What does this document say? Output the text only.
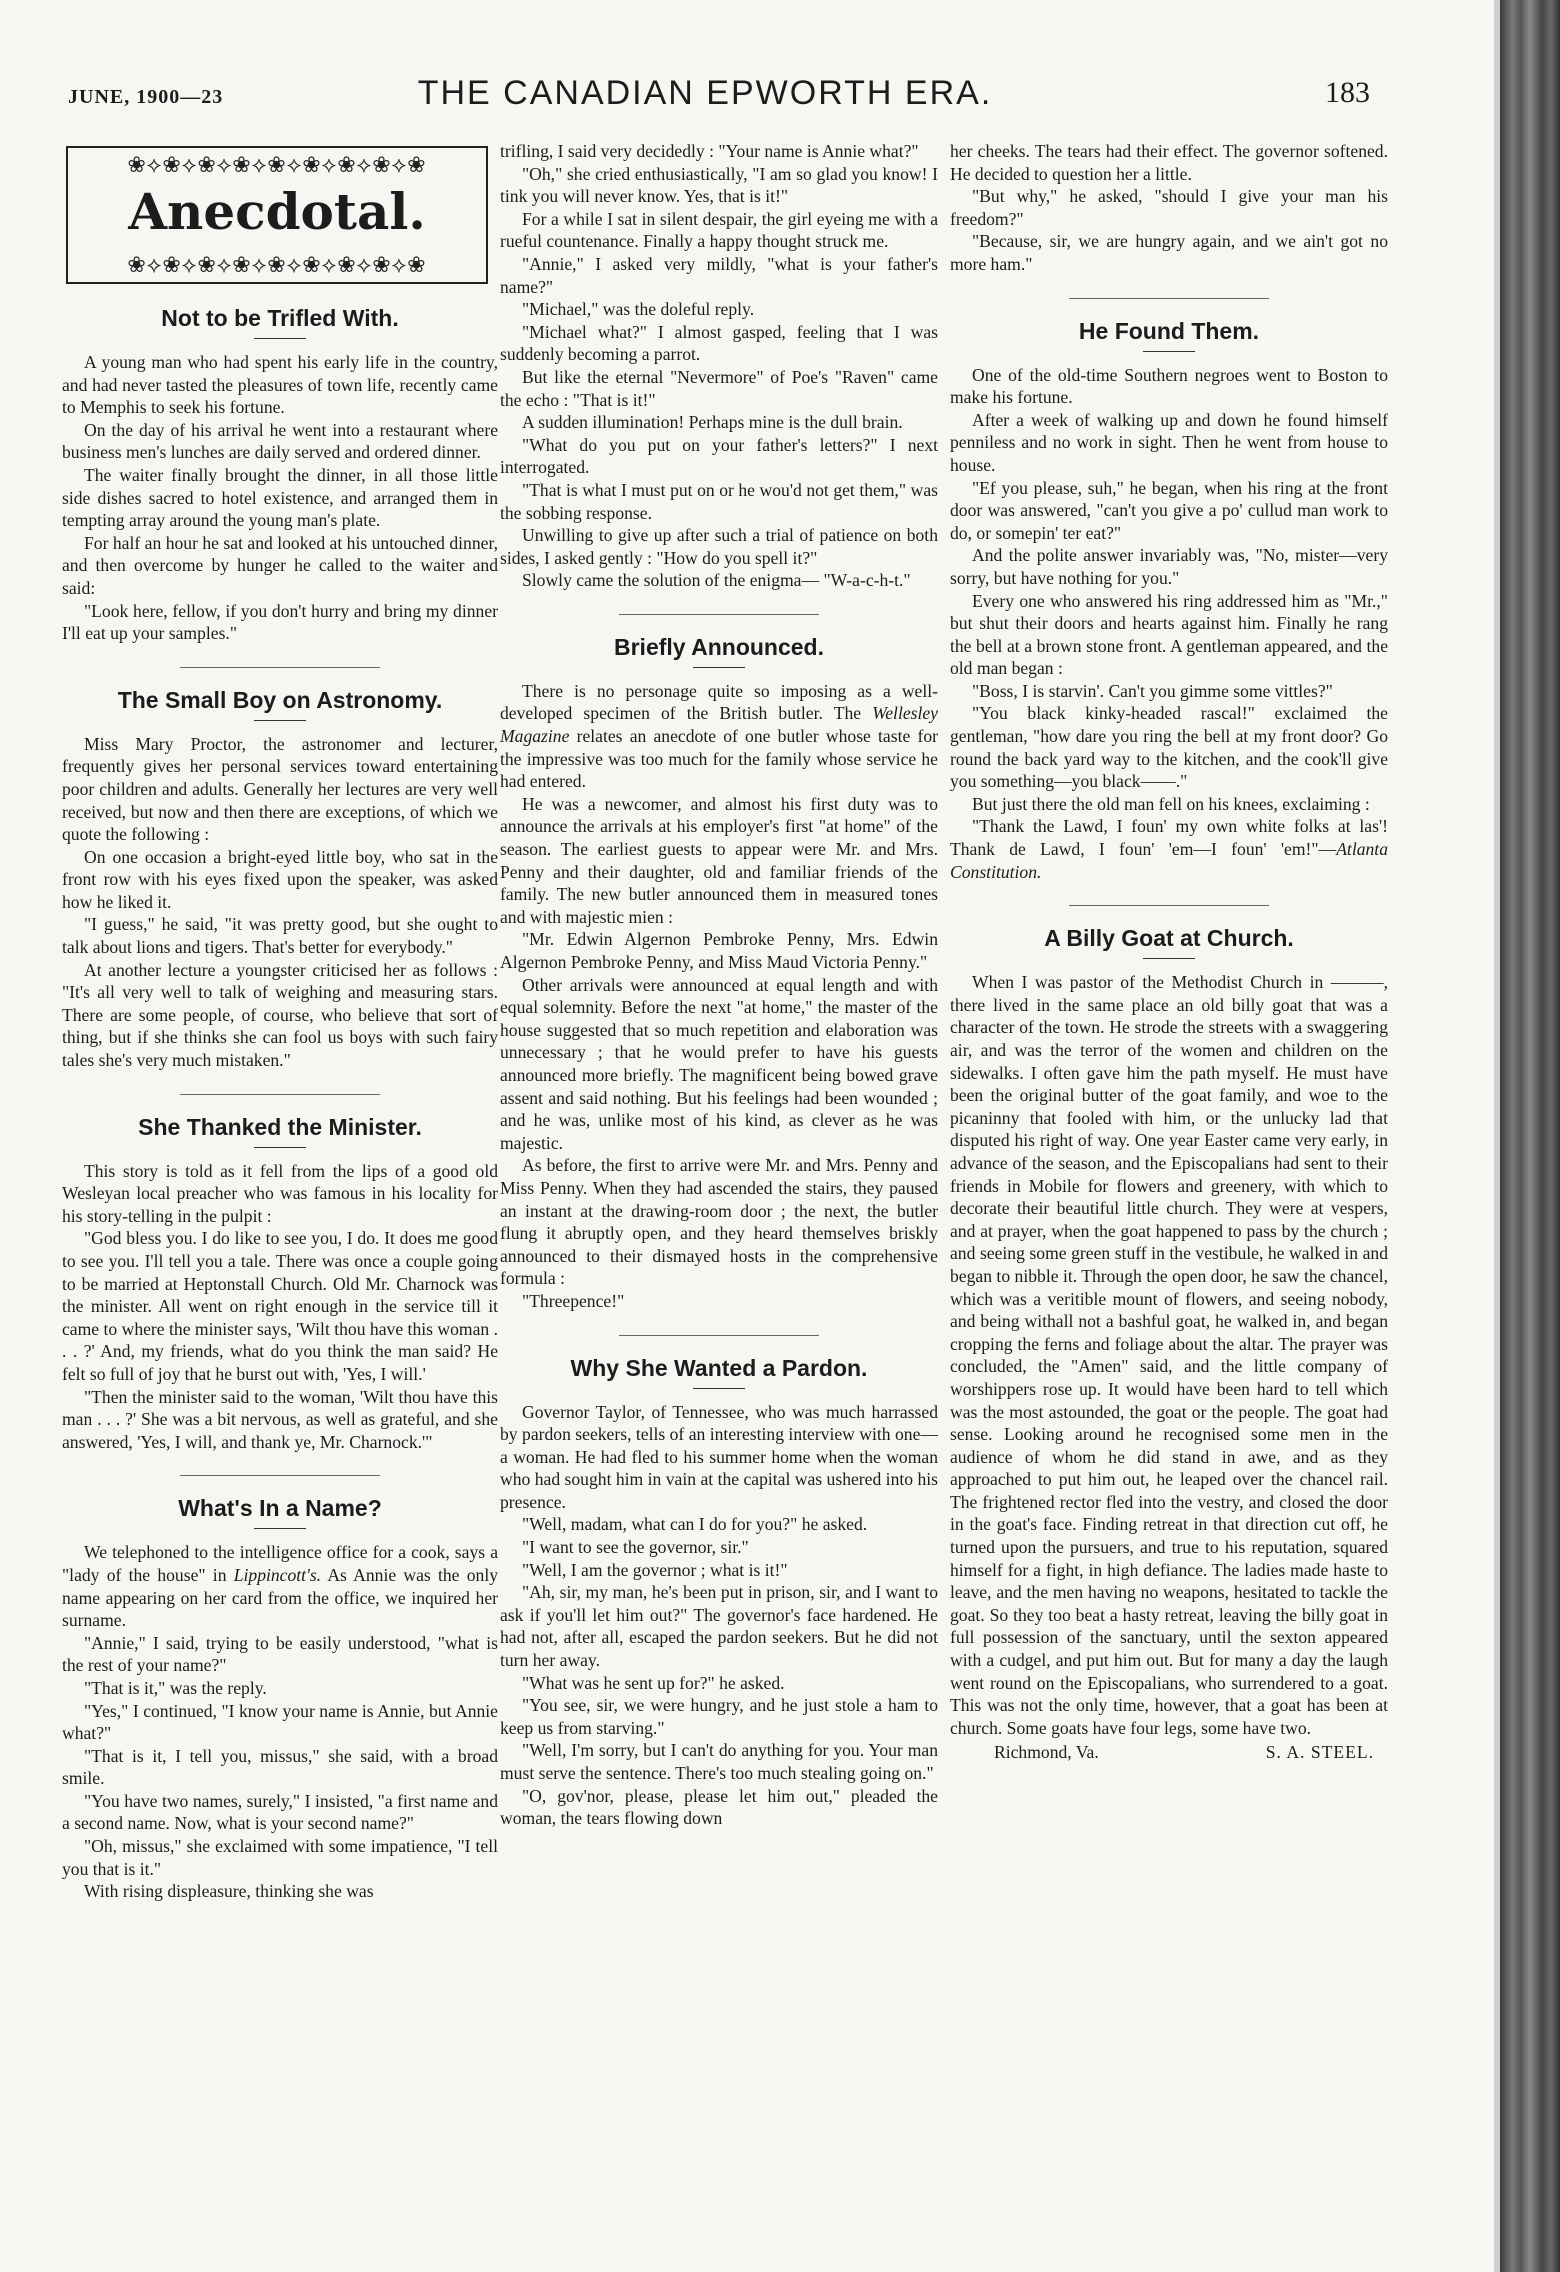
JUNE, 1900—23	THE CANADIAN EPWORTH ERA.	183
❀⟡❀⟡❀⟡❀⟡❀⟡❀⟡❀⟡❀⟡❀
Anecdotal.
❀⟡❀⟡❀⟡❀⟡❀⟡❀⟡❀⟡❀⟡❀
Not to be Trifled With.

A young man who had spent his early life in the country, and had never tasted the pleasures of town life, recently came to Memphis to seek his fortune.

On the day of his arrival he went into a restaurant where business men's lunches are daily served and ordered dinner.

The waiter finally brought the dinner, in all those little side dishes sacred to hotel existence, and arranged them in tempting array around the young man's plate.

For half an hour he sat and looked at his untouched dinner, and then overcome by hunger he called to the waiter and said:

"Look here, fellow, if you don't hurry and bring my dinner I'll eat up your samples."

The Small Boy on Astronomy.

Miss Mary Proctor, the astronomer and lecturer, frequently gives her personal services toward entertaining poor children and adults. Generally her lectures are very well received, but now and then there are exceptions, of which we quote the following :

On one occasion a bright-eyed little boy, who sat in the front row with his eyes fixed upon the speaker, was asked how he liked it.

"I guess," he said, "it was pretty good, but she ought to talk about lions and tigers. That's better for everybody."

At another lecture a youngster criticised her as follows : "It's all very well to talk of weighing and measuring stars. There are some people, of course, who believe that sort of thing, but if she thinks she can fool us boys with such fairy tales she's very much mistaken."

She Thanked the Minister.

This story is told as it fell from the lips of a good old Wesleyan local preacher who was famous in his locality for his story-telling in the pulpit :

"God bless you. I do like to see you, I do. It does me good to see you. I'll tell you a tale. There was once a couple going to be married at Heptonstall Church. Old Mr. Charnock was the minister. All went on right enough in the service till it came to where the minister says, 'Wilt thou have this woman . . . ?' And, my friends, what do you think the man said? He felt so full of joy that he burst out with, 'Yes, I will.'

"Then the minister said to the woman, 'Wilt thou have this man . . . ?' She was a bit nervous, as well as grateful, and she answered, 'Yes, I will, and thank ye, Mr. Charnock.'"

What's In a Name?

We telephoned to the intelligence office for a cook, says a "lady of the house" in Lippincott's. As Annie was the only name appearing on her card from the office, we inquired her surname.

"Annie," I said, trying to be easily understood, "what is the rest of your name?"

"That is it," was the reply.

"Yes," I continued, "I know your name is Annie, but Annie what?"

"That is it, I tell you, missus," she said, with a broad smile.

"You have two names, surely," I insisted, "a first name and a second name. Now, what is your second name?"

"Oh, missus," she exclaimed with some impatience, "I tell you that is it."

With rising displeasure, thinking she was

trifling, I said very decidedly : "Your name is Annie what?"

"Oh," she cried enthusiastically, "I am so glad you know! I tink you will never know. Yes, that is it!"

For a while I sat in silent despair, the girl eyeing me with a rueful countenance. Finally a happy thought struck me.

"Annie," I asked very mildly, "what is your father's name?"

"Michael," was the doleful reply.

"Michael what?" I almost gasped, feeling that I was suddenly becoming a parrot.

But like the eternal "Nevermore" of Poe's "Raven" came the echo : "That is it!"

A sudden illumination! Perhaps mine is the dull brain.

"What do you put on your father's letters?" I next interrogated.

"That is what I must put on or he wou'd not get them," was the sobbing response.

Unwilling to give up after such a trial of patience on both sides, I asked gently : "How do you spell it?"

Slowly came the solution of the enigma— "W-a-c-h-t."

Briefly Announced.

There is no personage quite so imposing as a well-developed specimen of the British butler. The Wellesley Magazine relates an anecdote of one butler whose taste for the impressive was too much for the family whose service he had entered.

He was a newcomer, and almost his first duty was to announce the arrivals at his employer's first "at home" of the season. The earliest guests to appear were Mr. and Mrs. Penny and their daughter, old and familiar friends of the family. The new butler announced them in measured tones and with majestic mien :

"Mr. Edwin Algernon Pembroke Penny, Mrs. Edwin Algernon Pembroke Penny, and Miss Maud Victoria Penny."

Other arrivals were announced at equal length and with equal solemnity. Before the next "at home," the master of the house suggested that so much repetition and elaboration was unnecessary ; that he would prefer to have his guests announced more briefly. The magnificent being bowed grave assent and said nothing. But his feelings had been wounded ; and he was, unlike most of his kind, as clever as he was majestic.

As before, the first to arrive were Mr. and Mrs. Penny and Miss Penny. When they had ascended the stairs, they paused an instant at the drawing-room door ; the next, the butler flung it abruptly open, and they heard themselves briskly announced to their dismayed hosts in the comprehensive formula :

"Threepence!"

Why She Wanted a Pardon.

Governor Taylor, of Tennessee, who was much harrassed by pardon seekers, tells of an interesting interview with one—a woman. He had fled to his summer home when the woman who had sought him in vain at the capital was ushered into his presence.

"Well, madam, what can I do for you?" he asked.

"I want to see the governor, sir."

"Well, I am the governor ; what is it!"

"Ah, sir, my man, he's been put in prison, sir, and I want to ask if you'll let him out?" The governor's face hardened. He had not, after all, escaped the pardon seekers. But he did not turn her away.

"What was he sent up for?" he asked.

"You see, sir, we were hungry, and he just stole a ham to keep us from starving."

"Well, I'm sorry, but I can't do anything for you. Your man must serve the sentence. There's too much stealing going on."

"O, gov'nor, please, please let him out," pleaded the woman, the tears flowing down

her cheeks. The tears had their effect. The governor softened. He decided to question her a little.

"But why," he asked, "should I give your man his freedom?"

"Because, sir, we are hungry again, and we ain't got no more ham."

He Found Them.

One of the old-time Southern negroes went to Boston to make his fortune.

After a week of walking up and down he found himself penniless and no work in sight. Then he went from house to house.

"Ef you please, suh," he began, when his ring at the front door was answered, "can't you give a po' cullud man work to do, or somepin' ter eat?"

And the polite answer invariably was, "No, mister—very sorry, but have nothing for you."

Every one who answered his ring addressed him as "Mr.," but shut their doors and hearts against him. Finally he rang the bell at a brown stone front. A gentleman appeared, and the old man began :

"Boss, I is starvin'. Can't you gimme some vittles?"

"You black kinky-headed rascal!" exclaimed the gentleman, "how dare you ring the bell at my front door? Go round the back yard way to the kitchen, and the cook'll give you something—you black——."

But just there the old man fell on his knees, exclaiming :

"Thank the Lawd, I foun' my own white folks at las'! Thank de Lawd, I foun' 'em—I foun' 'em!"—Atlanta Constitution.

A Billy Goat at Church.

When I was pastor of the Methodist Church in ———, there lived in the same place an old billy goat that was a character of the town. He strode the streets with a swaggering air, and was the terror of the women and children on the sidewalks. I often gave him the path myself. He must have been the original butter of the goat family, and woe to the picaninny that fooled with him, or the unlucky lad that disputed his right of way. One year Easter came very early, in advance of the season, and the Episcopalians had sent to their friends in Mobile for flowers and greenery, with which to decorate their beautiful little church. They were at vespers, and at prayer, when the goat happened to pass by the church ; and seeing some green stuff in the vestibule, he walked in and began to nibble it. Through the open door, he saw the chancel, which was a veritible mount of flowers, and seeing nobody, and being withall not a bashful goat, he walked in, and began cropping the ferns and foliage about the altar. The prayer was concluded, the "Amen" said, and the little company of worshippers rose up. It would have been hard to tell which was the most astounded, the goat or the people. The goat had sense. Looking around he recognised some men in the audience of whom he did stand in awe, and as they approached to put him out, he leaped over the chancel rail. The frightened rector fled into the vestry, and closed the door in the goat's face. Finding retreat in that direction cut off, he turned upon the pursuers, and true to his reputation, squared himself for a fight, in high defiance. The ladies made haste to leave, and the men having no weapons, hesitated to tackle the goat. So they too beat a hasty retreat, leaving the billy goat in full possession of the sanctuary, until the sexton appeared with a cudgel, and put him out. But for many a day the laugh went round on the Episcopalians, who surrendered to a goat. This was not the only time, however, that a goat has been at church. Some goats have four legs, some have two.

Richmond, Va.	S. A. STEEL.
